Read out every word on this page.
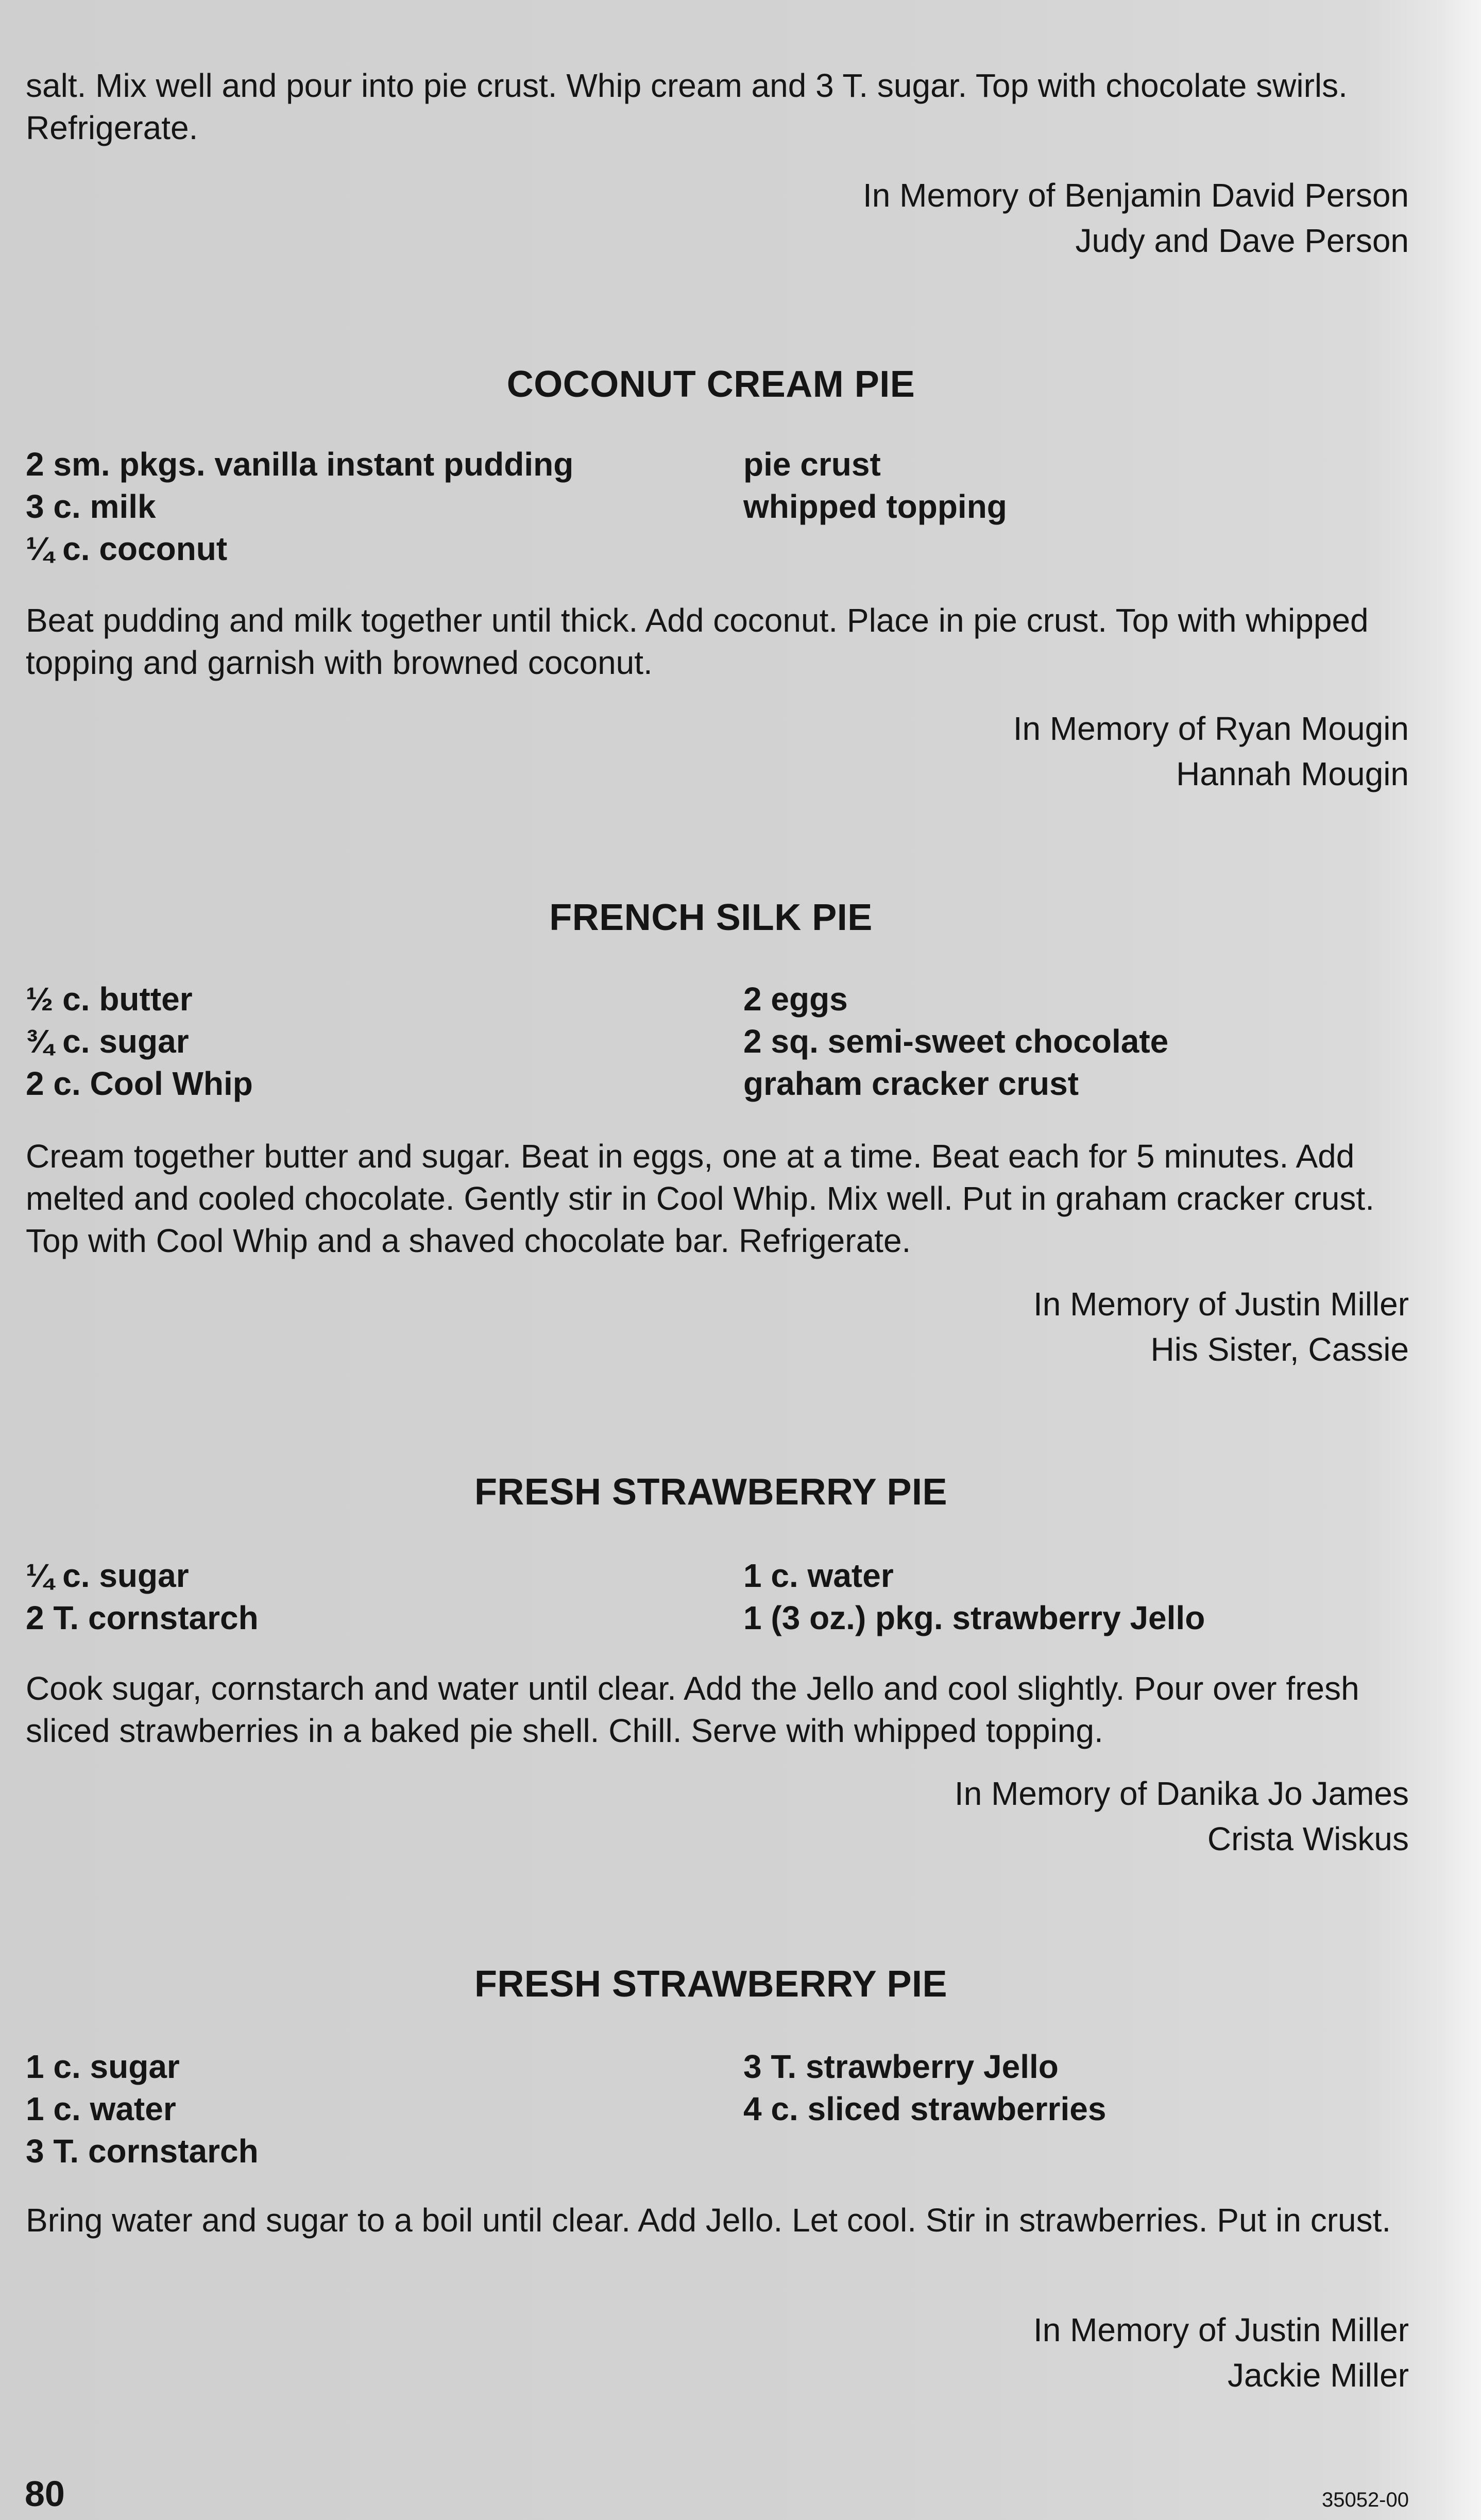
salt. Mix well and pour into pie crust. Whip cream and 3 T. sugar. Top with chocolate swirls. Refrigerate.

In Memory of Benjamin David Person
Judy and Dave Person
COCONUT CREAM PIE
2 sm. pkgs. vanilla instant pudding
3 c. milk
¼ c. coconut
pie crust
whipped topping

Beat pudding and milk together until thick. Add coconut. Place in pie crust. Top with whipped topping and garnish with browned coconut.

In Memory of Ryan Mougin
Hannah Mougin
FRENCH SILK PIE
½ c. butter
¾ c. sugar
2 c. Cool Whip
2 eggs
2 sq. semi-sweet chocolate
graham cracker crust

Cream together butter and sugar. Beat in eggs, one at a time. Beat each for 5 minutes. Add melted and cooled chocolate. Gently stir in Cool Whip. Mix well. Put in graham cracker crust. Top with Cool Whip and a shaved chocolate bar. Refrigerate.

In Memory of Justin Miller
His Sister, Cassie
FRESH STRAWBERRY PIE
¼ c. sugar
2 T. cornstarch
1 c. water
1 (3 oz.) pkg. strawberry Jello

Cook sugar, cornstarch and water until clear. Add the Jello and cool slightly. Pour over fresh sliced strawberries in a baked pie shell. Chill. Serve with whipped topping.

In Memory of Danika Jo James
Crista Wiskus
FRESH STRAWBERRY PIE
1 c. sugar
1 c. water
3 T. cornstarch
3 T. strawberry Jello
4 c. sliced strawberries

Bring water and sugar to a boil until clear. Add Jello. Let cool. Stir in strawberries. Put in crust.

In Memory of Justin Miller
Jackie Miller
80	35052-00
